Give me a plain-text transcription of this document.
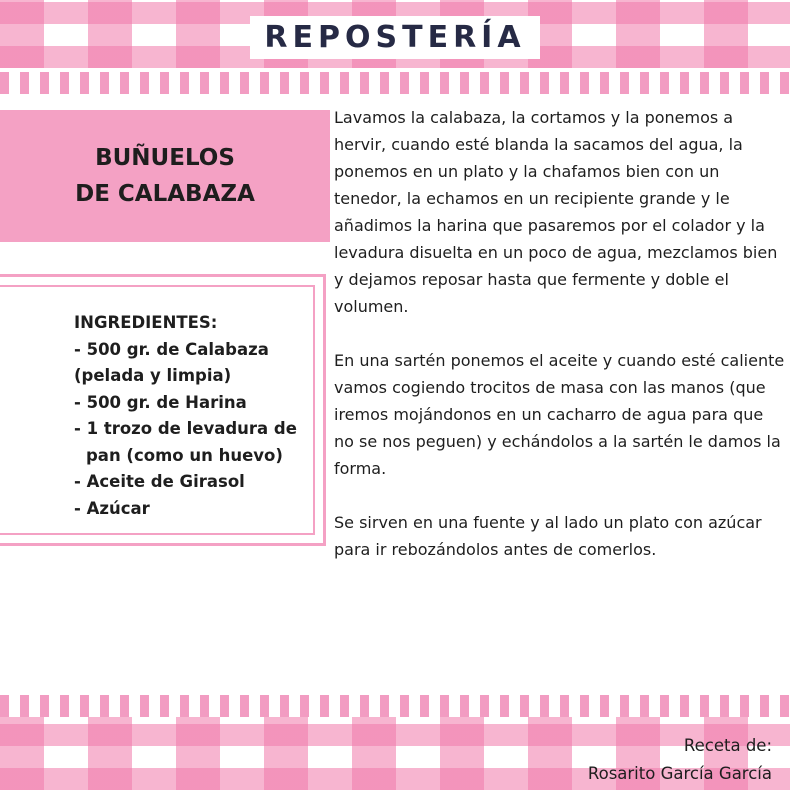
REPOSTERÍA
BUÑUELOS
DE CALABAZA
INGREDIENTES:
- 500 gr. de Calabaza
(pelada y limpia)
- 500 gr. de Harina
- 1 trozo de levadura de
pan (como un huevo)
- Aceite de Girasol
- Azúcar

Lavamos la calabaza, la cortamos y la ponemos a hervir, cuando esté blanda la sacamos del agua, la ponemos en un plato y la chafamos bien con un tenedor, la echamos en un recipiente grande y le añadimos la harina que pasaremos por el colador y la levadura disuelta en un poco de agua, mezclamos bien y dejamos reposar hasta que fermente y doble el volumen.

En una sartén ponemos el aceite y cuando esté caliente vamos cogiendo trocitos de masa con las manos (que iremos mojándonos en un cacharro de agua para que no se nos peguen) y echándolos a la sartén le damos la forma.

Se sirven en una fuente y al lado un plato con azúcar para ir rebozándolos antes de comerlos.

Receta de:
Rosarito García García
